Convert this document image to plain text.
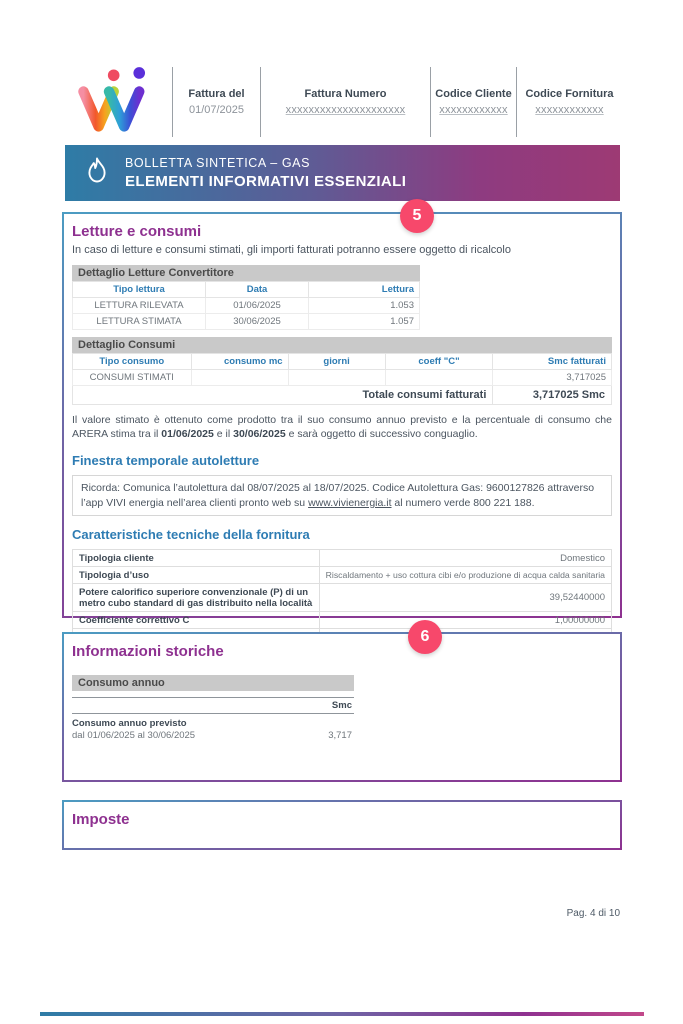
Fattura del
01/07/2025
Fattura Numero
xxxxxxxxxxxxxxxxxxxxx
Codice Cliente
xxxxxxxxxxxx
Codice Fornitura
xxxxxxxxxxxx
BOLLETTA SINTETICA – GAS
ELEMENTI INFORMATIVI ESSENZIALI
5
6
Letture e consumi
In caso di letture e consumi stimati, gli importi fatturati potranno essere oggetto di ricalcolo
Dettaglio Letture Convertitore
Tipo lettura	Data	Lettura
LETTURA RILEVATA	01/06/2025	1.053
LETTURA STIMATA	30/06/2025	1.057
Dettaglio Consumi
Tipo consumo	consumo mc	giorni	coeff "C"	Smc fatturati
CONSUMI STIMATI				3,717025
Totale consumi fatturati				3,717025 Smc
Il valore stimato è ottenuto come prodotto tra il suo consumo annuo previsto e la percentuale di consumo che ARERA stima tra il 01/06/2025 e il 30/06/2025 e sarà oggetto di successivo conguaglio.
Finestra temporale autoletture
Ricorda: Comunica l’autolettura dal 08/07/2025 al 18/07/2025. Codice Autolettura Gas: 9600127826 attraverso l’app VIVI energia nell’area clienti pronto web su www.vivienergia.it al numero verde 800 221 188.
Caratteristiche tecniche della fornitura
Tipologia cliente	Domestico
Tipologia d’uso	Riscaldamento + uso cottura cibi e/o produzione di acqua calda sanitaria
Potere calorifico superiore convenzionale (P) di un metro cubo standard di gas distribuito nella località	39,52440000
Coefficiente correttivo C	1,00000000

Informazioni storiche
Consumo annuo
Smc
Consumo annuo previsto
dal 01/06/2025 al 30/06/2025	3,717
Imposte
Pag. 4 di 10
